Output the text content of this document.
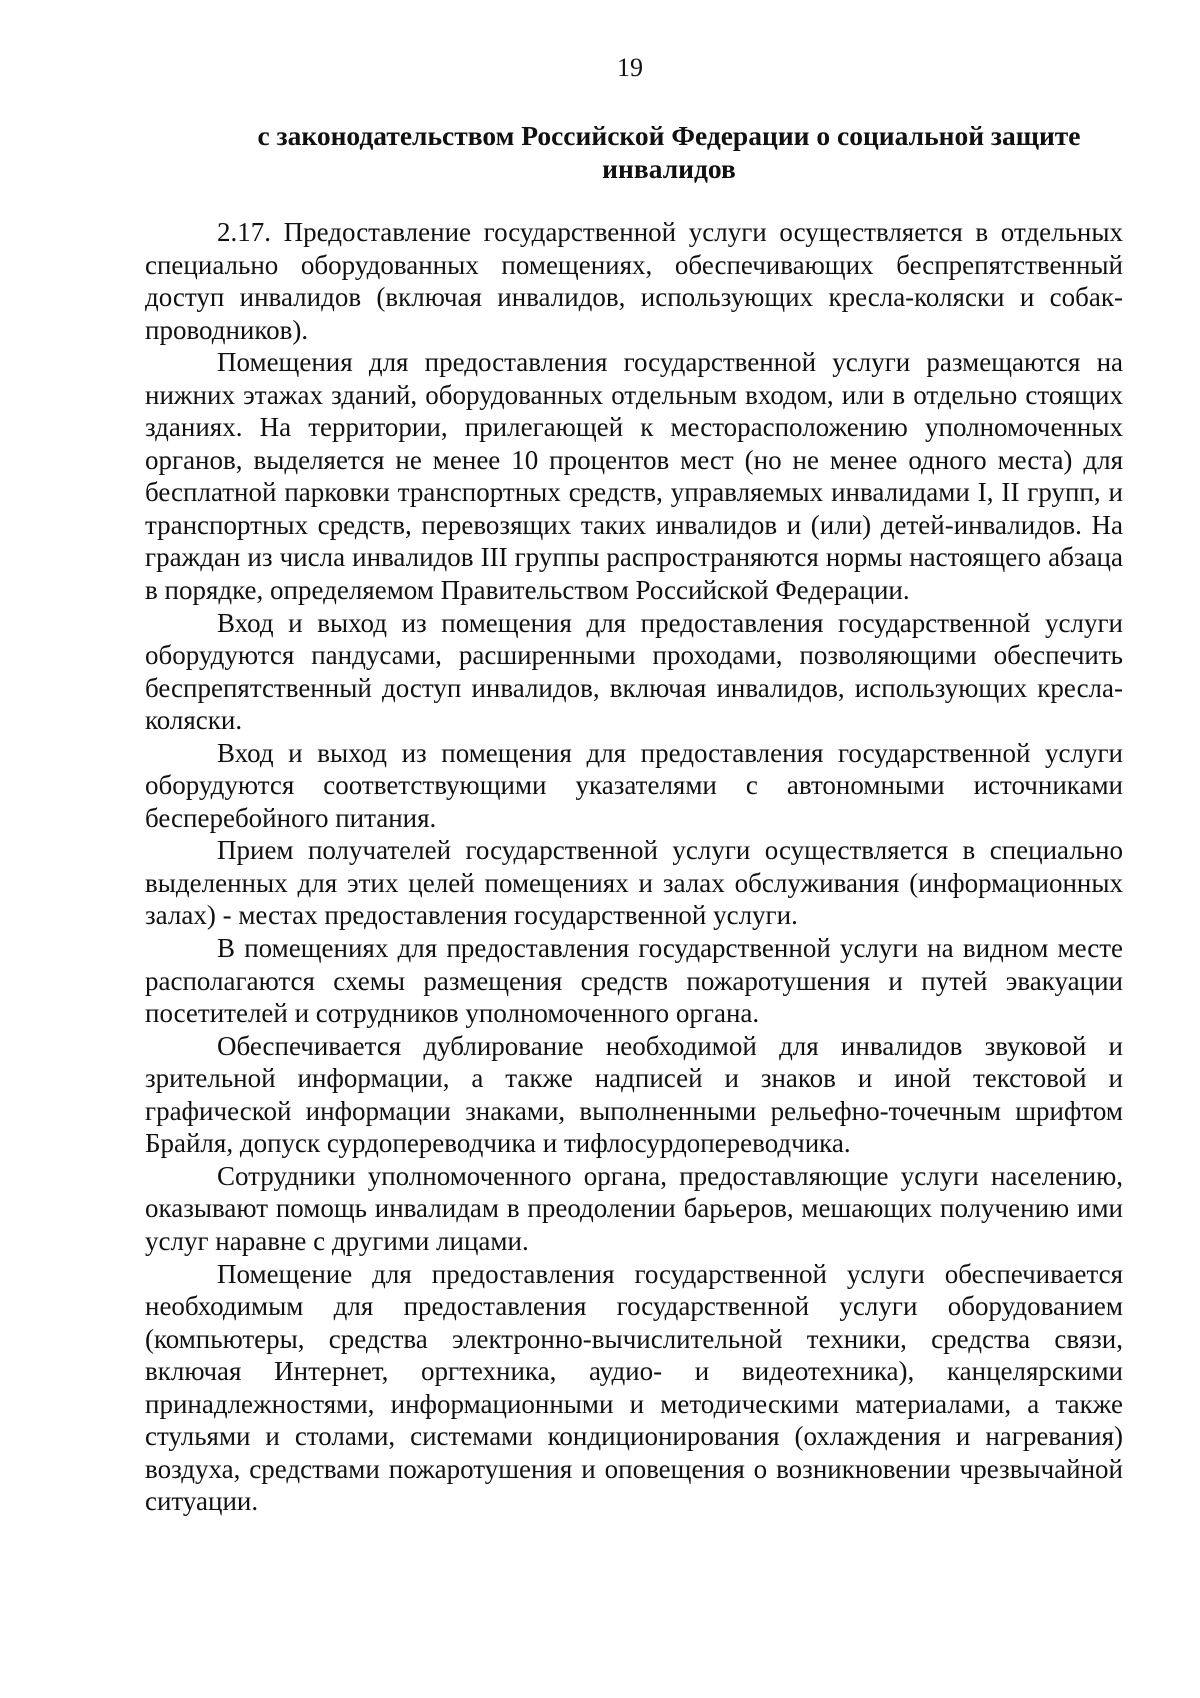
19
с законодательством Российской Федерации о социальной защите инвалидов

2.17. Предоставление государственной услуги осуществляется в отдельных специально оборудованных помещениях, обеспечивающих беспрепятственный доступ инвалидов (включая инвалидов, использующих кресла-коляски и собак-проводников).

Помещения для предоставления государственной услуги размещаются на нижних этажах зданий, оборудованных отдельным входом, или в отдельно стоящих зданиях. На территории, прилегающей к месторасположению уполномоченных органов, выделяется не менее 10 процентов мест (но не менее одного места) для бесплатной парковки транспортных средств, управляемых инвалидами I, II групп, и транспортных средств, перевозящих таких инвалидов и (или) детей-инвалидов. На граждан из числа инвалидов III группы распространяются нормы настоящего абзаца в порядке, определяемом Правительством Российской Федерации.

Вход и выход из помещения для предоставления государственной услуги оборудуются пандусами, расширенными проходами, позволяющими обеспечить беспрепятственный доступ инвалидов, включая инвалидов, использующих кресла-коляски.

Вход и выход из помещения для предоставления государственной услуги оборудуются соответствующими указателями с автономными источниками бесперебойного питания.

Прием получателей государственной услуги осуществляется в специально выделенных для этих целей помещениях и залах обслуживания (информационных залах) - местах предоставления государственной услуги.

В помещениях для предоставления государственной услуги на видном месте располагаются схемы размещения средств пожаротушения и путей эвакуации посетителей и сотрудников уполномоченного органа.

Обеспечивается дублирование необходимой для инвалидов звуковой и зрительной информации, а также надписей и знаков и иной текстовой и графической информации знаками, выполненными рельефно-точечным шрифтом Брайля, допуск сурдопереводчика и тифлосурдопереводчика.

Сотрудники уполномоченного органа, предоставляющие услуги населению, оказывают помощь инвалидам в преодолении барьеров, мешающих получению ими услуг наравне с другими лицами.

Помещение для предоставления государственной услуги обеспечивается необходимым для предоставления государственной услуги оборудованием (компьютеры, средства электронно-вычислительной техники, средства связи, включая Интернет, оргтехника, аудио- и видеотехника), канцелярскими принадлежностями, информационными и методическими материалами, а также стульями и столами, системами кондиционирования (охлаждения и нагревания) воздуха, средствами пожаротушения и оповещения о возникновении чрезвычайной ситуации.
